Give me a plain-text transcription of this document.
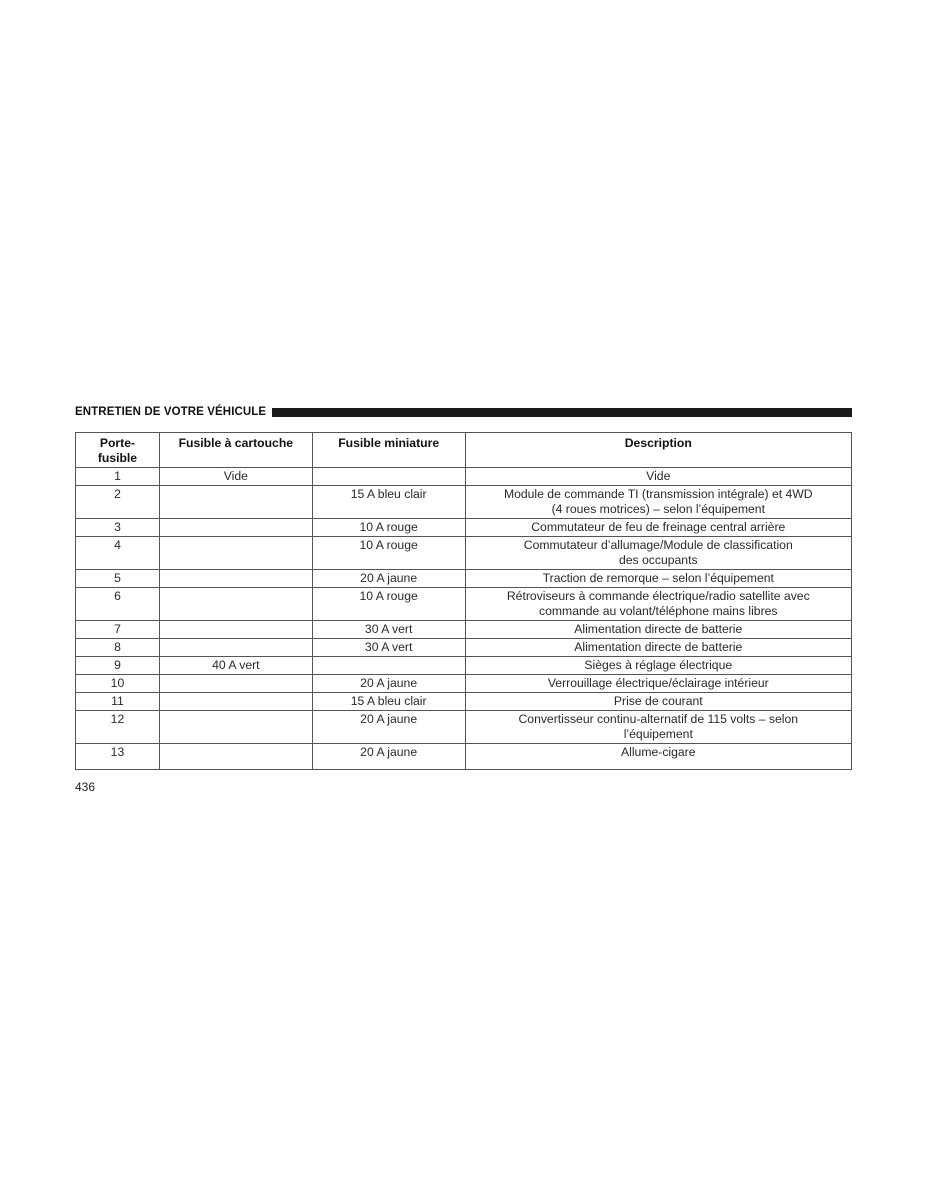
ENTRETIEN DE VOTRE VÉHICULE
Porte-
fusible	Fusible à cartouche	Fusible miniature	Description
1	Vide		Vide
2		15 A bleu clair	Module de commande TI (transmission intégrale) et 4WD
(4 roues motrices) – selon l’équipement
3		10 A rouge	Commutateur de feu de freinage central arrière
4		10 A rouge	Commutateur d’allumage/Module de classification
des occupants
5		20 A jaune	Traction de remorque – selon l’équipement
6		10 A rouge	Rétroviseurs à commande électrique/radio satellite avec
commande au volant/téléphone mains libres
7		30 A vert	Alimentation directe de batterie
8		30 A vert	Alimentation directe de batterie
9	40 A vert		Sièges à réglage électrique
10		20 A jaune	Verrouillage électrique/éclairage intérieur
11		15 A bleu clair	Prise de courant
12		20 A jaune	Convertisseur continu-alternatif de 115 volts – selon
l’équipement
13		20 A jaune	Allume-cigare
436
